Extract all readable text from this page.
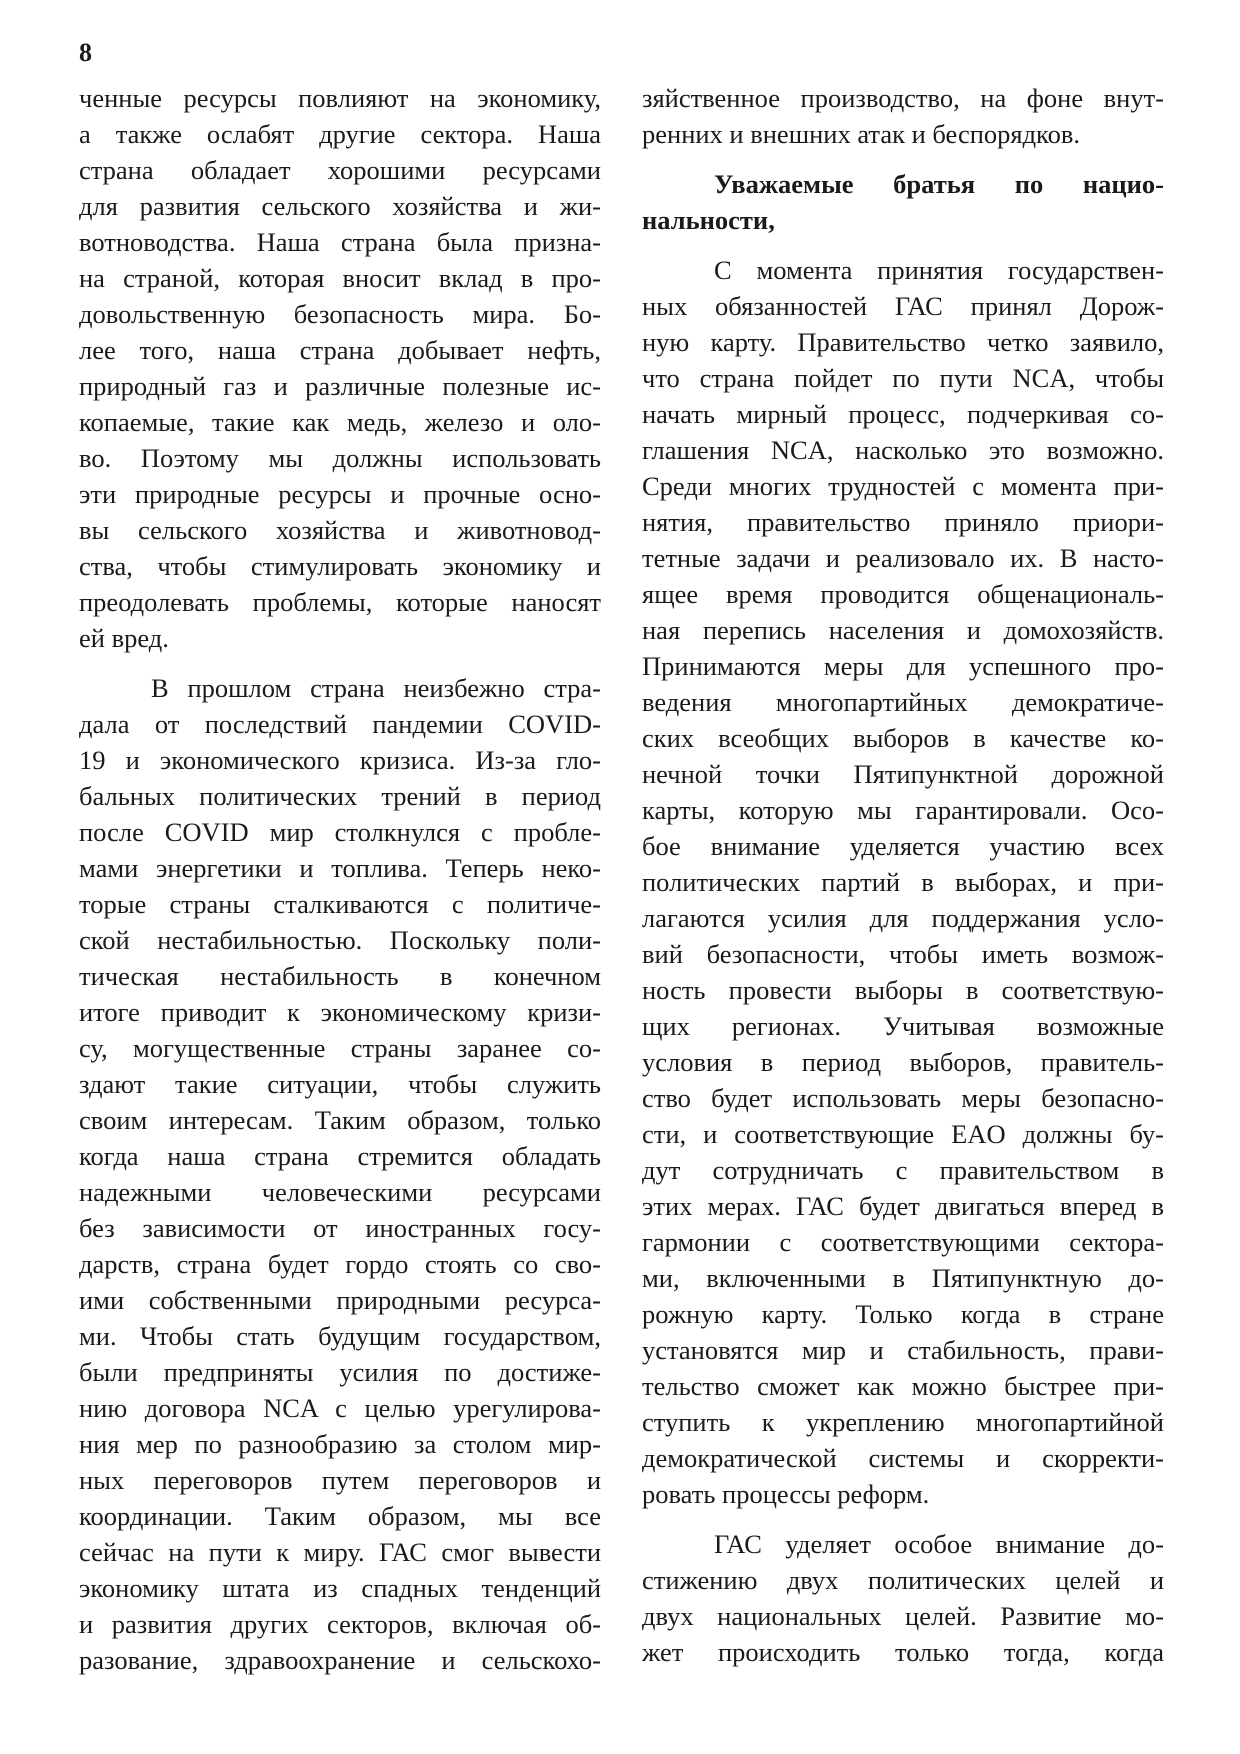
8
ченные ресурсы повлияют на экономику,
а также ослабят другие сектора. Наша
страна обладает хорошими ресурсами
для развития сельского хозяйства и жи-
вотноводства. Наша страна была призна-
на страной, которая вносит вклад в про-
довольственную безопасность мира. Бо-
лее того, наша страна добывает нефть,
природный газ и различные полезные ис-
копаемые, такие как медь, железо и оло-
во. Поэтому мы должны использовать
эти природные ресурсы и прочные осно-
вы сельского хозяйства и животновод-
ства, чтобы стимулировать экономику и
преодолевать проблемы, которые наносят
ей вред.
В прошлом страна неизбежно стра-
дала от последствий пандемии COVID-
19 и экономического кризиса. Из-за гло-
бальных политических трений в период
после COVID мир столкнулся с пробле-
мами энергетики и топлива. Теперь неко-
торые страны сталкиваются с политиче-
ской нестабильностью. Поскольку поли-
тическая нестабильность в конечном
итоге приводит к экономическому кризи-
су, могущественные страны заранее со-
здают такие ситуации, чтобы служить
своим интересам. Таким образом, только
когда наша страна стремится обладать
надежными человеческими ресурсами
без зависимости от иностранных госу-
дарств, страна будет гордо стоять со сво-
ими собственными природными ресурса-
ми. Чтобы стать будущим государством,
были предприняты усилия по достиже-
нию договора NCA с целью урегулирова-
ния мер по разнообразию за столом мир-
ных переговоров путем переговоров и
координации. Таким образом, мы все
сейчас на пути к миру. ГАС смог вывести
экономику штата из спадных тенденций
и развития других секторов, включая об-
разование, здравоохранение и сельскохо-
зяйственное производство, на фоне внут-
ренних и внешних атак и беспорядков.
Уважаемые братья по нацио-
нальности,
С момента принятия государствен-
ных обязанностей ГАС принял Дорож-
ную карту. Правительство четко заявило,
что страна пойдет по пути NCA, чтобы
начать мирный процесс, подчеркивая со-
глашения NCA, насколько это возможно.
Среди многих трудностей с момента при-
нятия, правительство приняло приори-
тетные задачи и реализовало их. В насто-
ящее время проводится общенациональ-
ная перепись населения и домохозяйств.
Принимаются меры для успешного про-
ведения многопартийных демократиче-
ских всеобщих выборов в качестве ко-
нечной точки Пятипунктной дорожной
карты, которую мы гарантировали. Осо-
бое внимание уделяется участию всех
политических партий в выборах, и при-
лагаются усилия для поддержания усло-
вий безопасности, чтобы иметь возмож-
ность провести выборы в соответствую-
щих регионах. Учитывая возможные
условия в период выборов, правитель-
ство будет использовать меры безопасно-
сти, и соответствующие EAO должны бу-
дут сотрудничать с правительством в
этих мерах. ГАС будет двигаться вперед в
гармонии с соответствующими сектора-
ми, включенными в Пятипунктную до-
рожную карту. Только когда в стране
установятся мир и стабильность, прави-
тельство сможет как можно быстрее при-
ступить к укреплению многопартийной
демократической системы и скорректи-
ровать процессы реформ.
ГАС уделяет особое внимание до-
стижению двух политических целей и
двух национальных целей. Развитие мо-
жет происходить только тогда, когда
